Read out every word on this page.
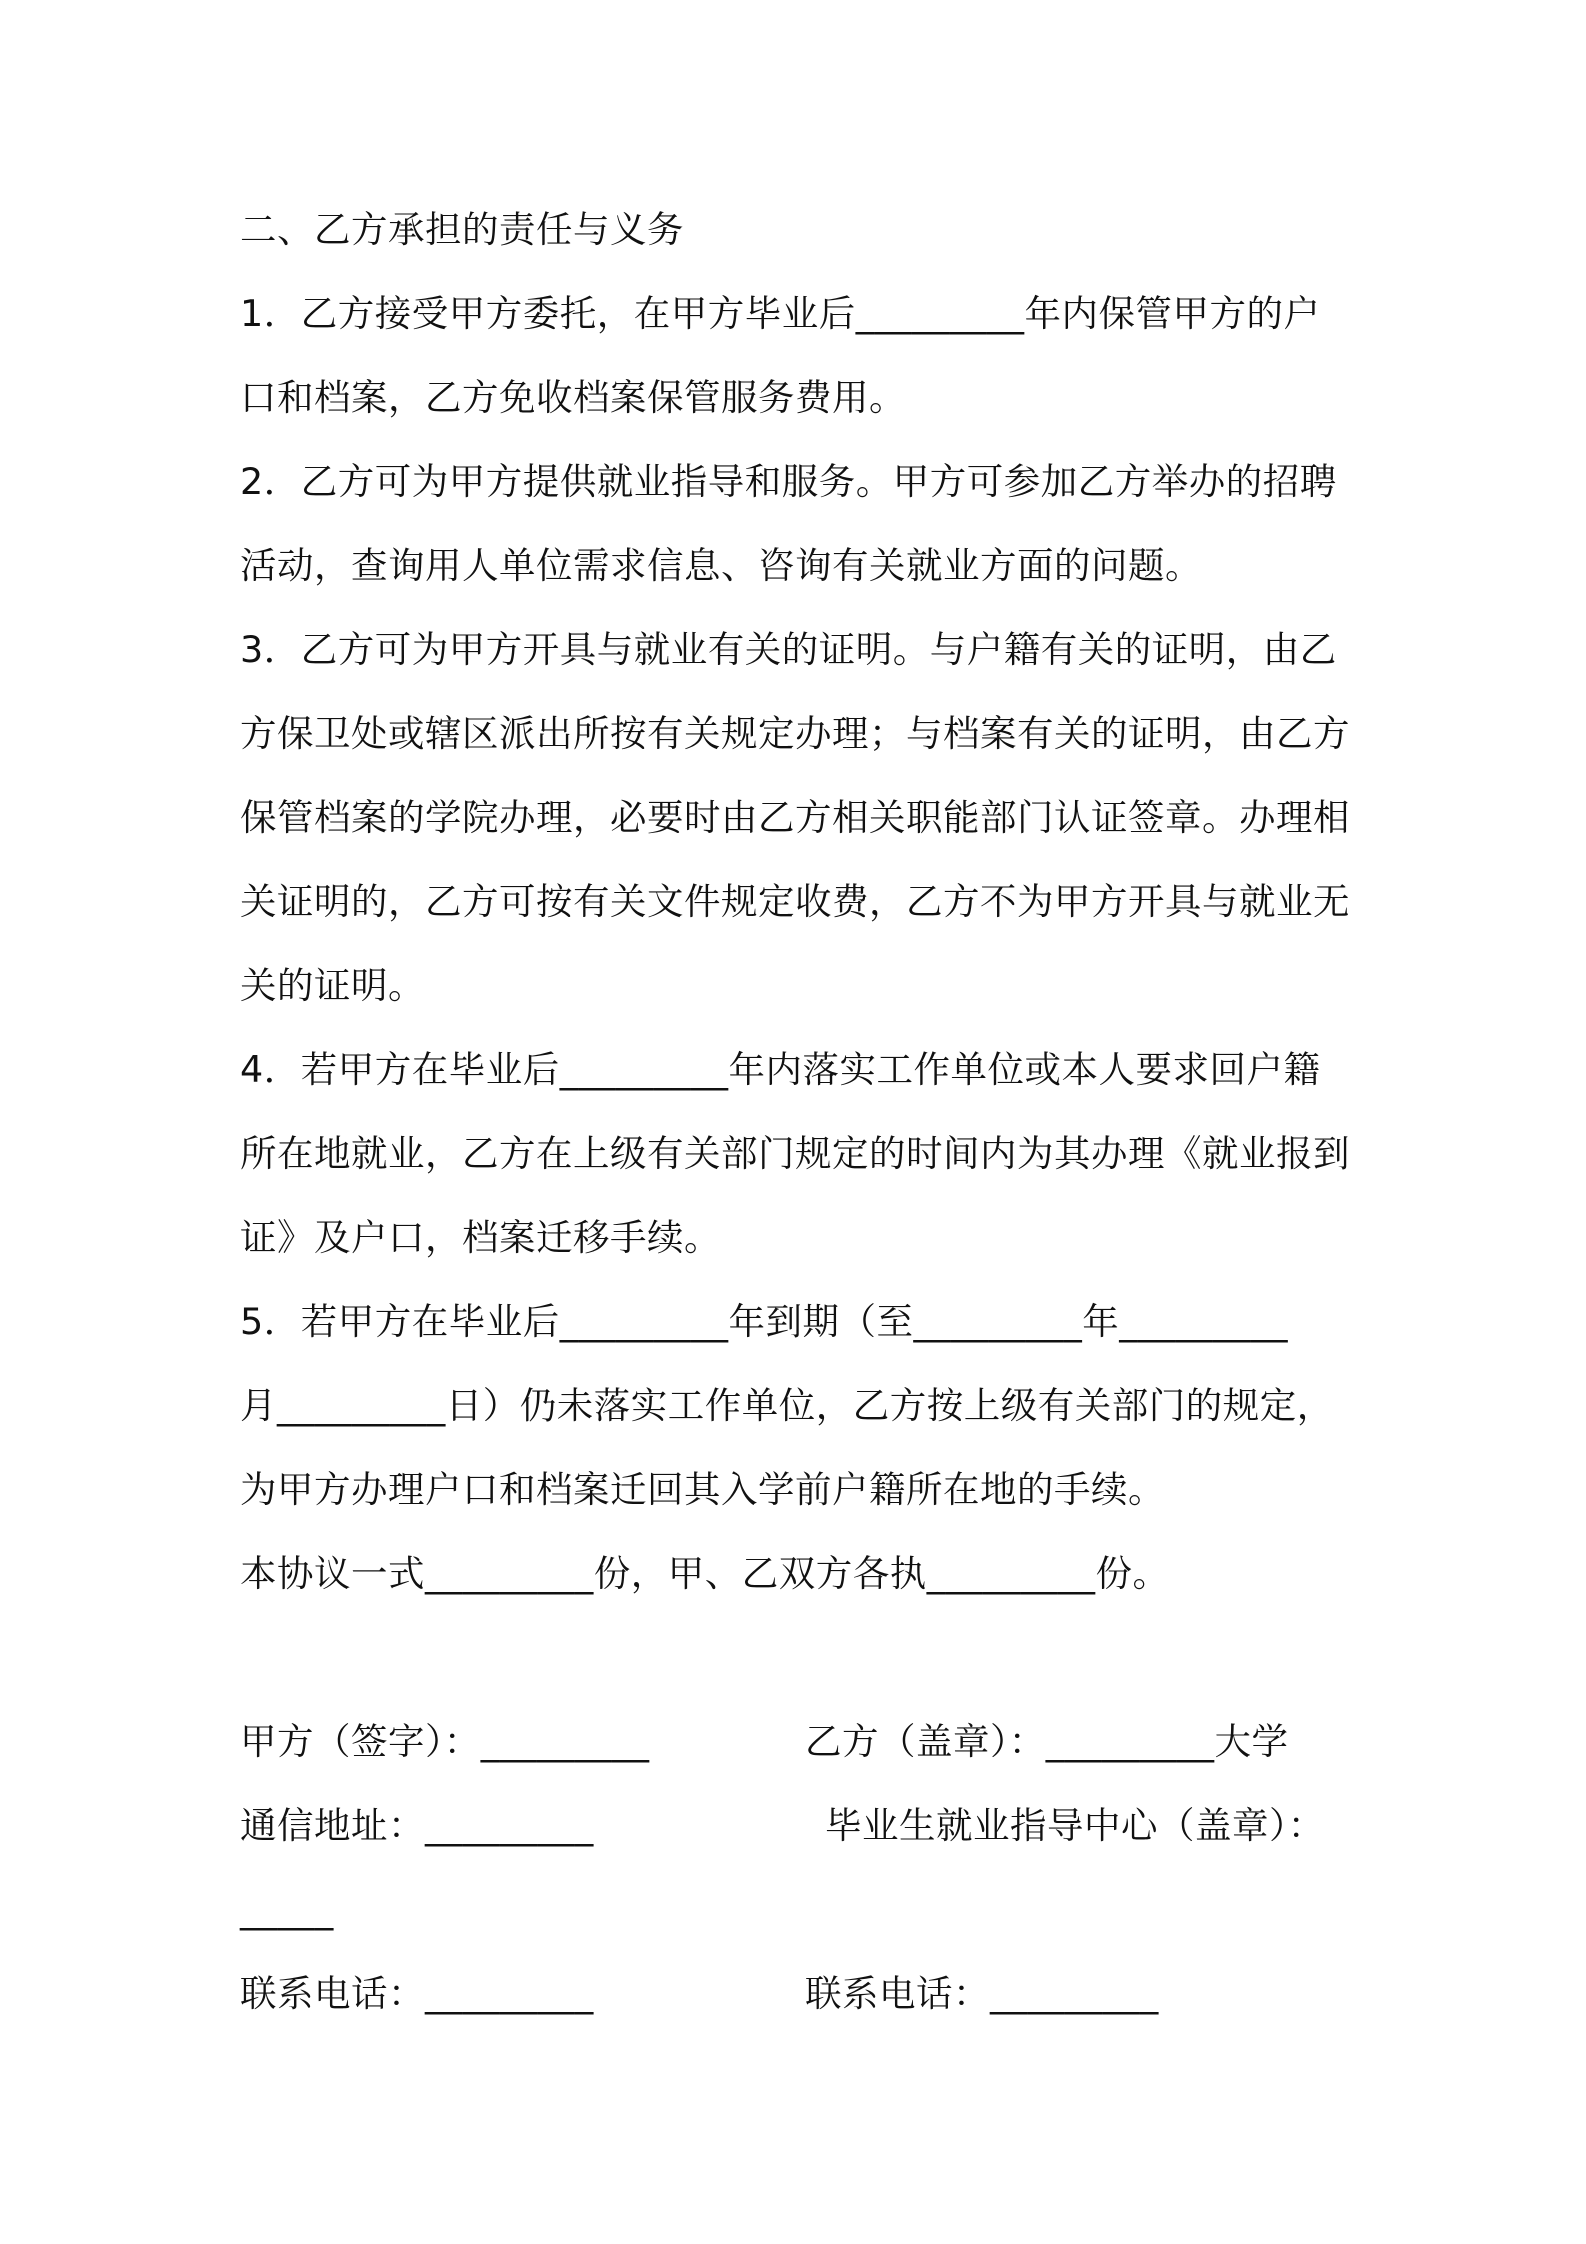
二、乙方承担的责任与义务
1．乙方接受甲方委托，在甲方毕业后_________年内保管甲方的户
口和档案，乙方免收档案保管服务费用。
2．乙方可为甲方提供就业指导和服务。甲方可参加乙方举办的招聘
活动，查询用人单位需求信息、咨询有关就业方面的问题。
3．乙方可为甲方开具与就业有关的证明。与户籍有关的证明，由乙
方保卫处或辖区派出所按有关规定办理；与档案有关的证明，由乙方
保管档案的学院办理，必要时由乙方相关职能部门认证签章。办理相
关证明的，乙方可按有关文件规定收费，乙方不为甲方开具与就业无
关的证明。
4．若甲方在毕业后_________年内落实工作单位或本人要求回户籍
所在地就业，乙方在上级有关部门规定的时间内为其办理《就业报到
证》及户口，档案迁移手续。
5．若甲方在毕业后_________年到期（至_________年_________
月_________日）仍未落实工作单位，乙方按上级有关部门的规定，
为甲方办理户口和档案迁回其入学前户籍所在地的手续。
本协议一式_________份，甲、乙双方各执_________份。
甲方（签字）：_________	乙方（盖章）：_________大学
通信地址：_________	毕业生就业指导中心（盖章）：
_____
联系电话：_________	联系电话：_________
